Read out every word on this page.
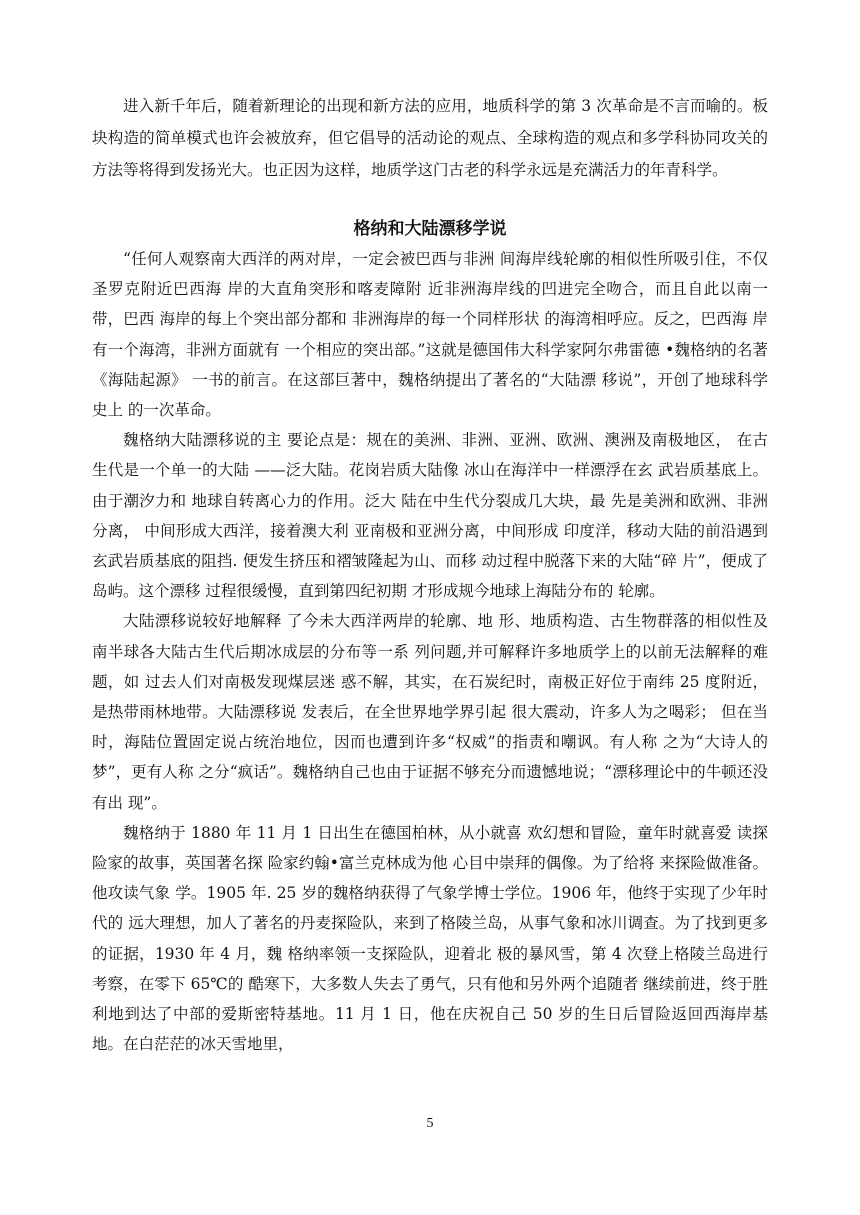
进入新千年后，随着新理论的出现和新方法的应用，地质科学的第 3 次革命是不言而喻的。板块构造的简单模式也许会被放弃，但它倡导的活动论的观点、全球构造的观点和多学科协同攻关的方法等将得到发扬光大。也正因为这样，地质学这门古老的科学永远是充满活力的年青科学。

格纳和大陆漂移学说

“任何人观察南大西洋的两对岸，一定会被巴西与非洲 间海岸线轮廓的相似性所吸引住，不仅圣罗克附近巴西海 岸的大直角突形和喀麦障附 近非洲海岸线的凹进完全吻合，而且自此以南一带，巴西 海岸的每上个突出部分都和 非洲海岸的每一个同样形状 的海湾相呼应。反之，巴西海 岸有一个海湾，非洲方面就有 一个相应的突出部。”这就是德国伟大科学家阿尔弗雷德 •魏格纳的名著《海陆起源》 一书的前言。在这部巨著中，魏格纳提出了著名的“大陆漂 移说”，开创了地球科学史上 的一次革命。

魏格纳大陆漂移说的主 要论点是：规在的美洲、非洲、亚洲、欧洲、澳洲及南极地区， 在古生代是一个单一的大陆 ——泛大陆。花岗岩质大陆像 冰山在海洋中一样漂浮在玄 武岩质基底上。由于潮汐力和 地球自转离心力的作用。泛大 陆在中生代分裂成几大块，最 先是美洲和欧洲、非洲分离， 中间形成大西洋，接着澳大利 亚南极和亚洲分离，中间形成 印度洋，移动大陆的前沿遇到 玄武岩质基底的阻挡. 便发生挤压和褶皱隆起为山、而移 动过程中脱落下来的大陆“碎 片”，便成了岛屿。这个漂移 过程很缓慢，直到第四纪初期 才形成规今地球上海陆分布的 轮廓。

大陆漂移说较好地解释 了今未大西洋两岸的轮廓、地 形、地质构造、古生物群落的相似性及南半球各大陆古生代后期冰成层的分布等一系 列问题,并可解释许多地质学上的以前无法解释的难题，如 过去人们对南极发现煤层迷 惑不解，其实，在石炭纪时，南极正好位于南纬 25 度附近， 是热带雨林地带。大陆漂移说 发表后，在全世界地学界引起 很大震动，许多人为之喝彩； 但在当时，海陆位置固定说占统治地位，因而也遭到许多“权威”的指责和嘲讽。有人称 之为“大诗人的梦”，更有人称 之分“疯话”。魏格纳自己也由于证据不够充分而遗憾地说；“漂移理论中的牛顿还没有出 现”。

魏格纳于 1880 年 11 月 1 日出生在德国柏林，从小就喜 欢幻想和冒险，童年时就喜爱 读探险家的故事，英国著名探 险家约翰•富兰克林成为他 心目中崇拜的偶像。为了给将 来探险做准备。他攻读气象 学。1905 年. 25 岁的魏格纳获得了气象学博士学位。1906 年，他终于实现了少年时代的 远大理想，加人了著名的丹麦探险队，来到了格陵兰岛，从事气象和冰川调查。为了找到更多的证据，1930 年 4 月，魏 格纳率领一支探险队，迎着北 极的暴风雪，第 4 次登上格陵兰岛进行考察，在零下 65℃的 酷寒下，大多数人失去了勇气，只有他和另外两个追随者 继续前进，终于胜利地到达了中部的爱斯密特基地。11 月 1 日，他在庆祝自己 50 岁的生日后冒险返回西海岸基地。在白茫茫的冰天雪地里，

5
